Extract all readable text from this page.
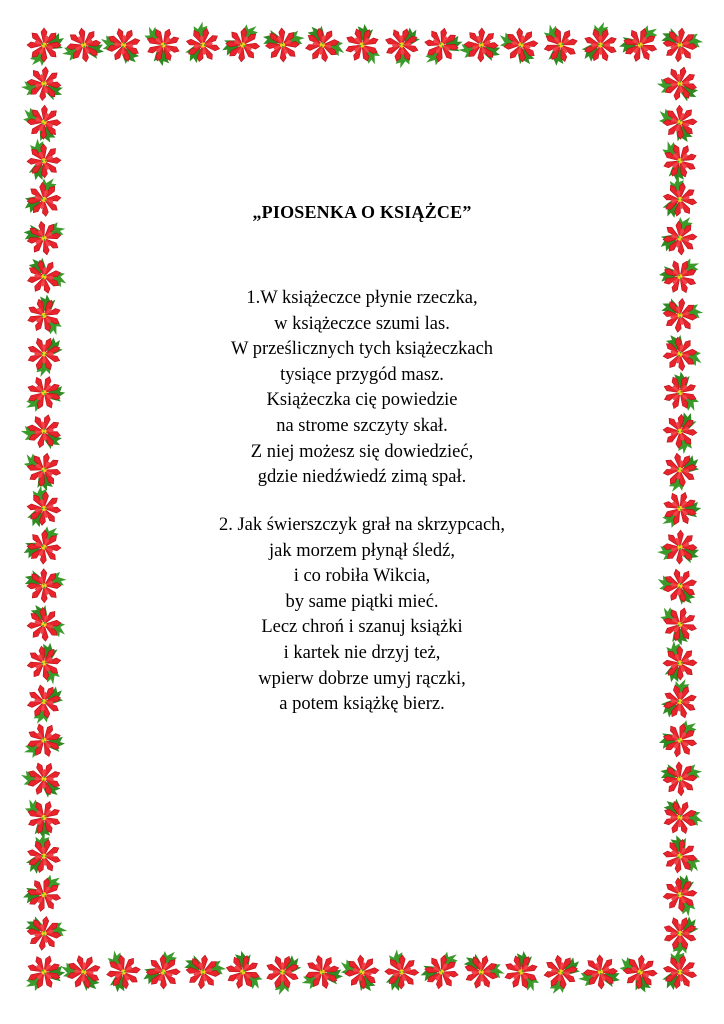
„PIOSENKA O KSIĄŻCE”
1.W książeczce płynie rzeczka,
w książeczce szumi las.
W prześlicznych tych książeczkach
tysiące przygód masz.
Książeczka cię powiedzie
na strome szczyty skał.
Z niej możesz się dowiedzieć,
gdzie niedźwiedź zimą spał.
2. Jak świerszczyk grał na skrzypcach,
jak morzem płynął śledź,
i co robiła Wikcia,
by same piątki mieć.
Lecz chroń i szanuj książki
i kartek nie drzyj też,
wpierw dobrze umyj rączki,
a potem książkę bierz.
